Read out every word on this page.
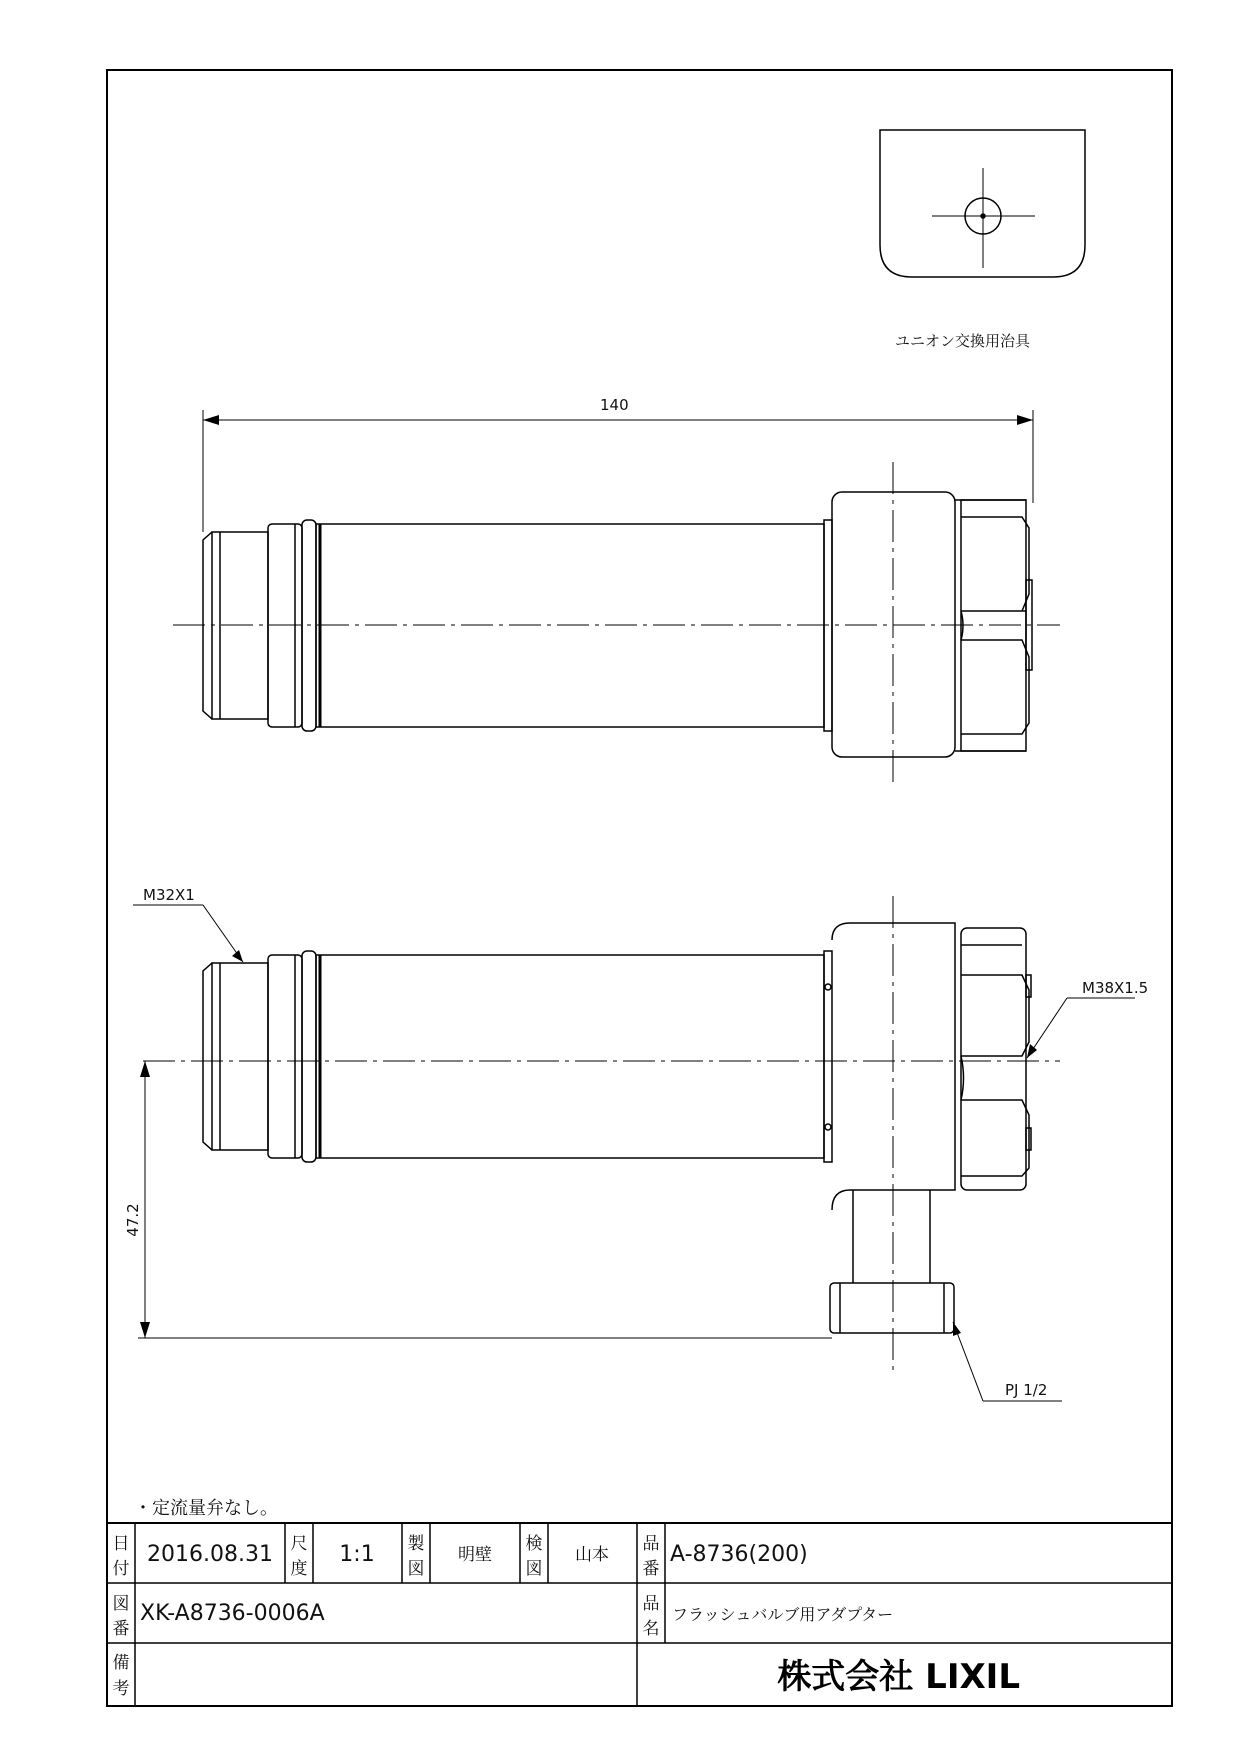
ユニオン交換用治具
140
M32X1
M38X1.5
PJ 1/2
47.2
・定流量弁なし。
日
付
2016.08.31 尺
度
1:1 製
図
明壁
検
図
山本
品
番
A-8736(200)
図
番
XK-A8736-0006A	品
名
フラッシュバルブ用アダプター
備
考	株式会社 LIXIL
